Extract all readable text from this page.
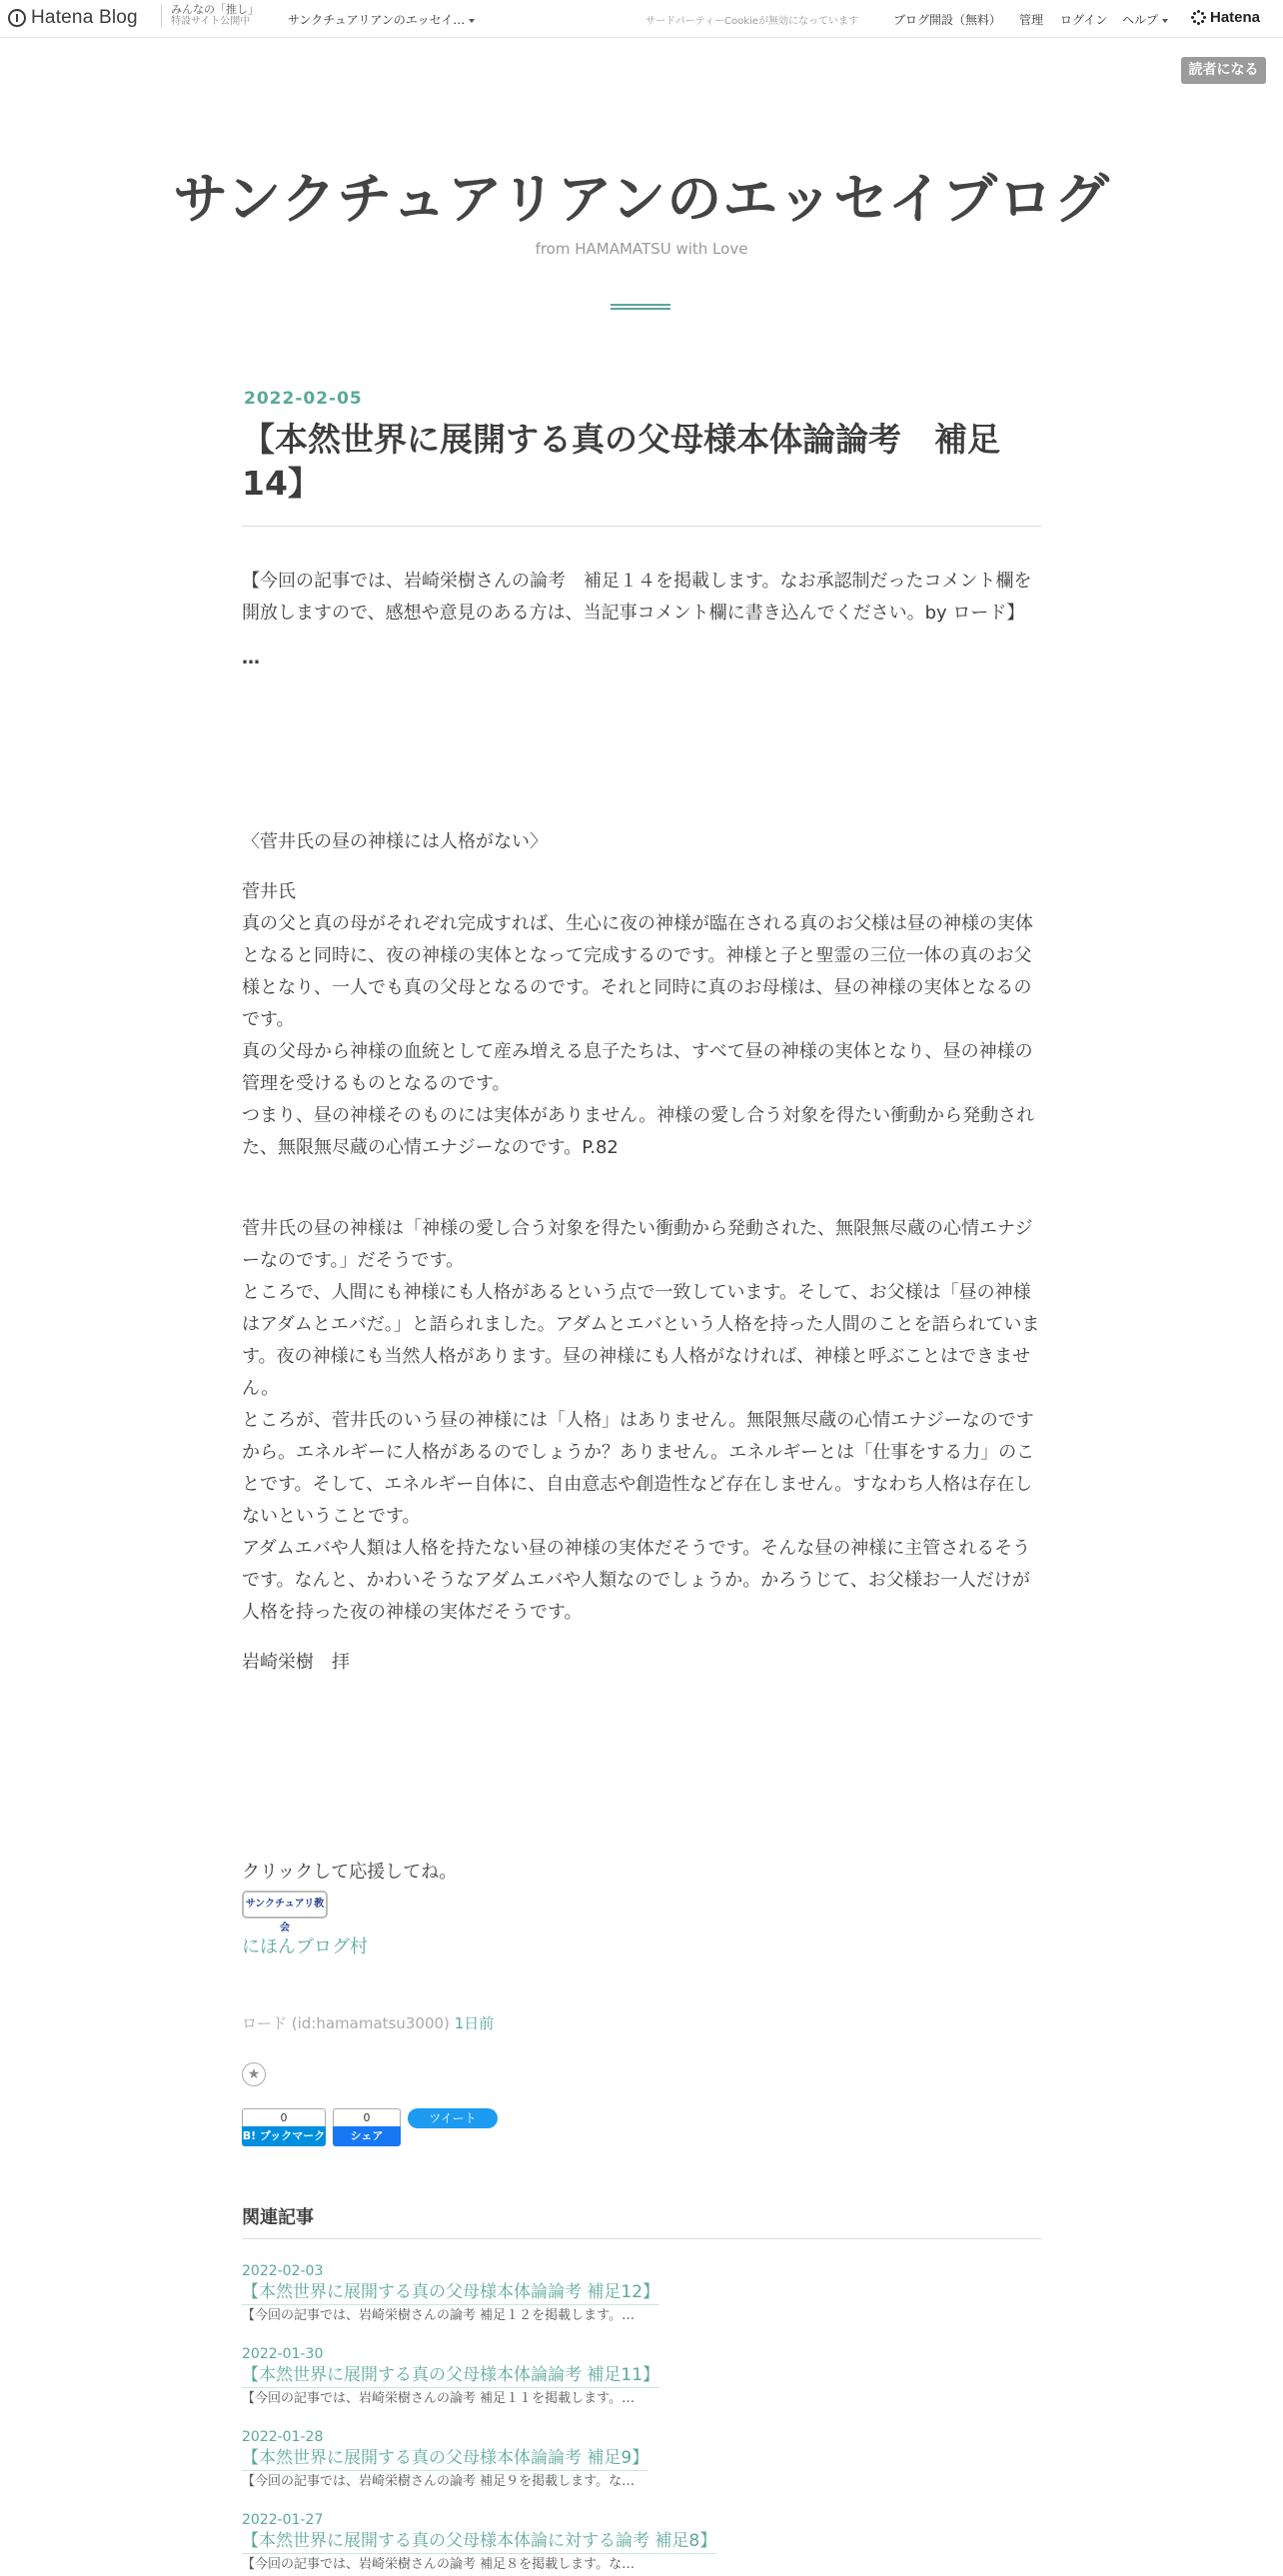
Hatena Blog	みんなの「推し」
特設サイト公開中	サンクチュアリアンのエッセイ…	サードパーティーCookieが無効になっています	ブログ開設（無料） 管理 ログイン ヘルプ	Hatena
読者になる
サンクチュアリアンのエッセイブログ
from HAMAMATSU with Love
2022-02-05
【本然世界に展開する真の父母様本体論論考　補足14】

【今回の記事では、岩崎栄樹さんの論考　補足１４を掲載します。なお承認制だったコメント欄を開放しますので、感想や意見のある方は、当記事コメント欄に書き込んでください。by ロード】

…

〈菅井氏の昼の神様には人格がない〉

菅井氏

真の父と真の母がそれぞれ完成すれば、生心に夜の神様が臨在される真のお父様は昼の神様の実体となると同時に、夜の神様の実体となって完成するのです。神様と子と聖霊の三位一体の真のお父様となり、一人でも真の父母となるのです。それと同時に真のお母様は、昼の神様の実体となるのです。

真の父母から神様の血統として産み増える息子たちは、すべて昼の神様の実体となり、昼の神様の管理を受けるものとなるのです。

つまり、昼の神様そのものには実体がありません。神様の愛し合う対象を得たい衝動から発動された、無限無尽蔵の心情エナジーなのです。P.82

菅井氏の昼の神様は「神様の愛し合う対象を得たい衝動から発動された、無限無尽蔵の心情エナジーなのです。」だそうです。

ところで、人間にも神様にも人格があるという点で一致しています。そして、お父様は「昼の神様はアダムとエバだ。」と語られました。アダムとエバという人格を持った人間のことを語られています。夜の神様にも当然人格があります。昼の神様にも人格がなければ、神様と呼ぶことはできません。

ところが、菅井氏のいう昼の神様には「人格」はありません。無限無尽蔵の心情エナジーなのですから。エネルギーに人格があるのでしょうか？ありません。エネルギーとは「仕事をする力」のことです。そして、エネルギー自体に、自由意志や創造性など存在しません。すなわち人格は存在しないということです。

アダムエバや人類は人格を持たない昼の神様の実体だそうです。そんな昼の神様に主管されるそうです。なんと、かわいそうなアダムエバや人類なのでしょうか。かろうじて、お父様お一人だけが人格を持った夜の神様の実体だそうです。

岩崎栄樹　拝

クリックして応援してね。

サンクチュアリ教会
にほんブログ村
ロード (id:hamamatsu3000) 1日前
★
0
B! ブックマーク
0
シェア
ツイート
関連記事
2022-02-03
【本然世界に展開する真の父母様本体論論考 補足12】
【今回の記事では、岩崎栄樹さんの論考 補足１２を掲載します。…
2022-01-30
【本然世界に展開する真の父母様本体論論考 補足11】
【今回の記事では、岩崎栄樹さんの論考 補足１１を掲載します。…
2022-01-28
【本然世界に展開する真の父母様本体論論考 補足9】
【今回の記事では、岩崎栄樹さんの論考 補足９を掲載します。な…
2022-01-27
【本然世界に展開する真の父母様本体論に対する論考 補足8】
【今回の記事では、岩崎栄樹さんの論考 補足８を掲載します。な…
